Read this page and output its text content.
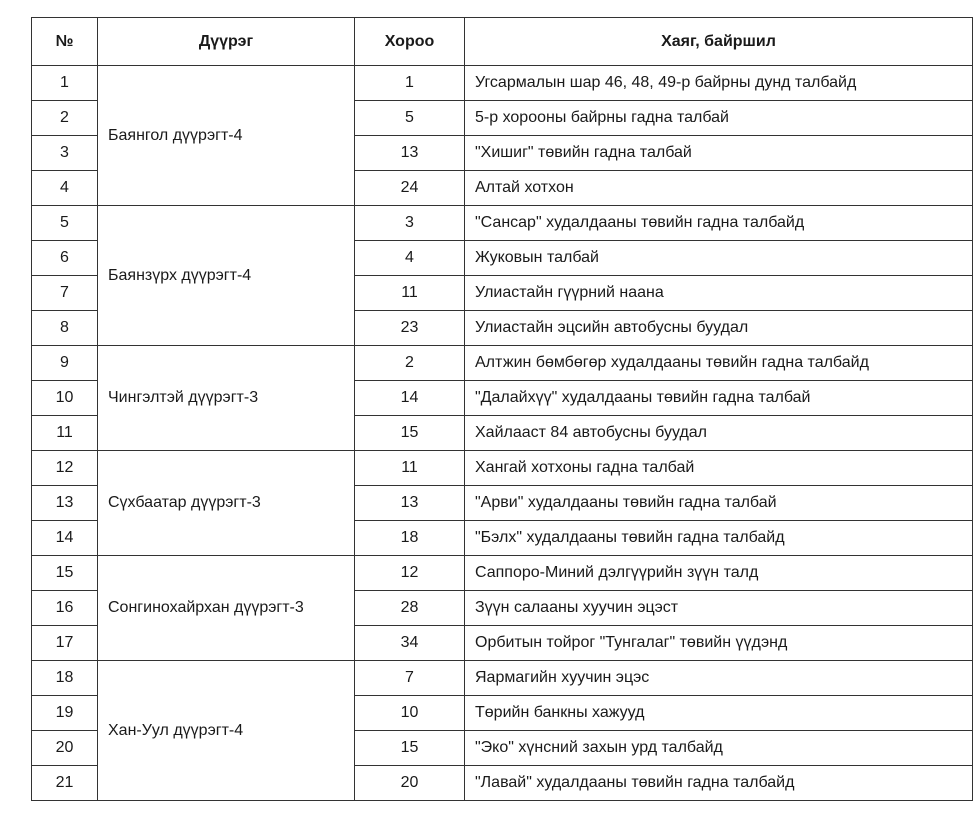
№	Дүүрэг	Хороо	Хаяг, байршил
1	Баянгол дүүрэгт-4	1	Угсармалын шар 46, 48, 49-р байрны дунд талбайд
2		5	5-р хорооны байрны гадна талбай
3		13	"Хишиг" төвийн гадна талбай
4		24	Алтай хотхон
5	Баянзүрх дүүрэгт-4	3	"Сансар" худалдааны төвийн гадна талбайд
6		4	Жуковын талбай
7		11	Улиастайн гүүрний наана
8		23	Улиастайн эцсийн автобусны буудал
9	Чингэлтэй дүүрэгт-3	2	Алтжин бөмбөгөр худалдааны төвийн гадна талбайд
10		14	"Далайхүү" худалдааны төвийн гадна талбай
11		15	Хайлааст 84 автобусны буудал
12	Сүхбаатар дүүрэгт-3	11	Хангай хотхоны гадна талбай
13		13	"Арви" худалдааны төвийн гадна талбай
14		18	"Бэлх" худалдааны төвийн гадна талбайд
15	Сонгинохайрхан дүүрэгт-3	12	Саппоро-Миний дэлгүүрийн зүүн талд
16		28	Зүүн салааны хуучин эцэст
17		34	Орбитын тойрог "Тунгалаг" төвийн үүдэнд
18	Хан-Уул дүүрэгт-4	7	Яармагийн хуучин эцэс
19		10	Төрийн банкны хажууд
20		15	"Эко" хүнсний захын урд талбайд
21		20	"Лавай" худалдааны төвийн гадна талбайд
